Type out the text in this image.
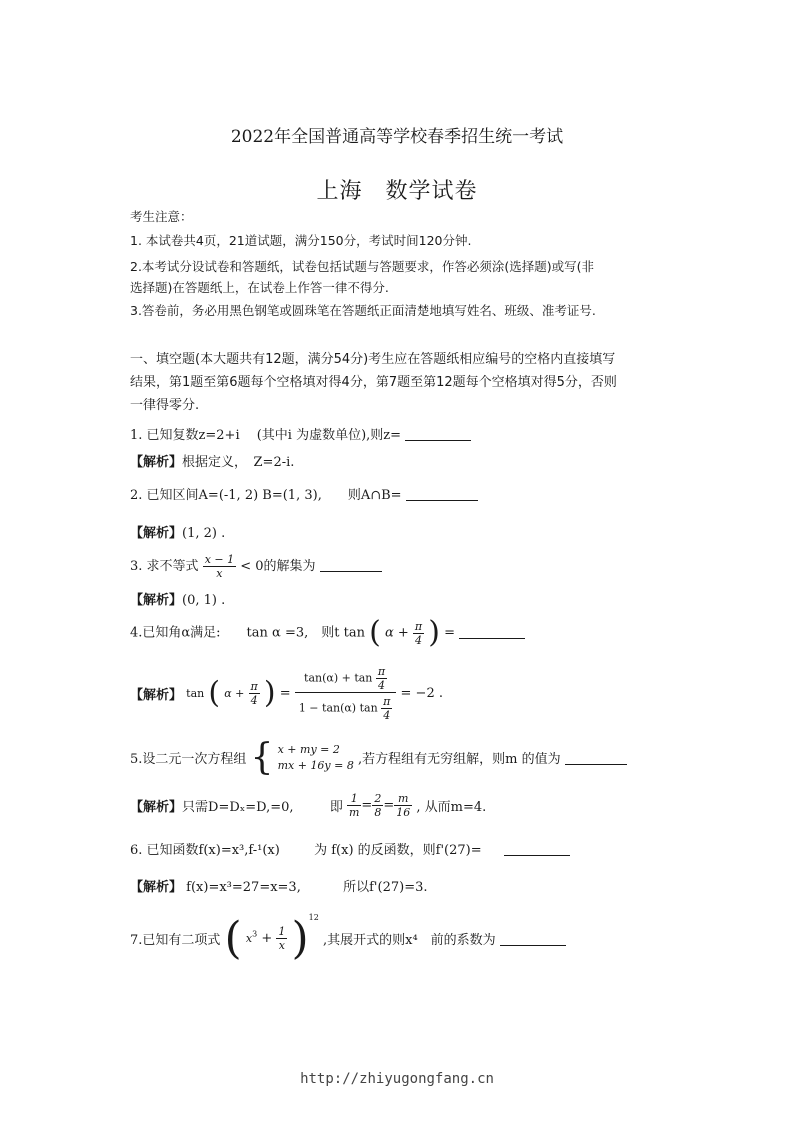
2022年全国普通高等学校春季招生统一考试
上海　数学试卷
考生注意：
1. 本试卷共4页，21道试题，满分150分，考试时间120分钟.
2.本考试分设试卷和答题纸，试卷包括试题与答题要求，作答必须涂(选择题)或写(非
选择题)在答题纸上，在试卷上作答一律不得分.
3.答卷前，务必用黑色钢笔或圆珠笔在答题纸正面清楚地填写姓名、班级、准考证号.
一、填空题(本大题共有12题，满分54分)考生应在答题纸相应编号的空格内直接填写
结果，第1题至第6题每个空格填对得4分，第7题至第12题每个空格填对得5分，否则
一律得零分.
1. 已知复数z=2+i　 (其中i 为虚数单位),则z=
【解析】根据定义，　Z=2-i.
2. 已知区间A=(-1, 2) B=(1, 3),　　则A∩B=
【解析】(1, 2) .
3. 求不等式 $\frac{x - 1}{x} < 0$的解集为
【解析】(0, 1) .
4.已知角α满足:　　tan α =3,　则t tan ( $\alpha + \frac{\pi}{4}$ ) =
【解析】 tan ( $\alpha + \frac{\pi}{4}$ ) = $\frac{\tan(\alpha) + \tan \frac{\pi}{4}}{1 - \tan(\alpha) \tan \frac{\pi}{4}} = -2$ .
5.设二元一次方程组 { x + my = 2
mx + 16y = 8 ,若方程组有无穷组解，则m 的值为
【解析】只需D=Dₓ=D,=0,	即 $\frac{1}{m} = \frac{2}{8} = \frac{m}{16}$ , 从而m=4.
6. 已知函数f(x)=x³,f-¹(x)	为 f(x) 的反函数，则f'(27)=
【解析】 f(x)=x³=27=x=3,	所以f'(27)=3.
7.已知有二项式 ( $x^3 + \frac{1}{x} )^{12}$ ,其展开式的则x⁴　前的系数为
http://zhiyugongfang.cn
